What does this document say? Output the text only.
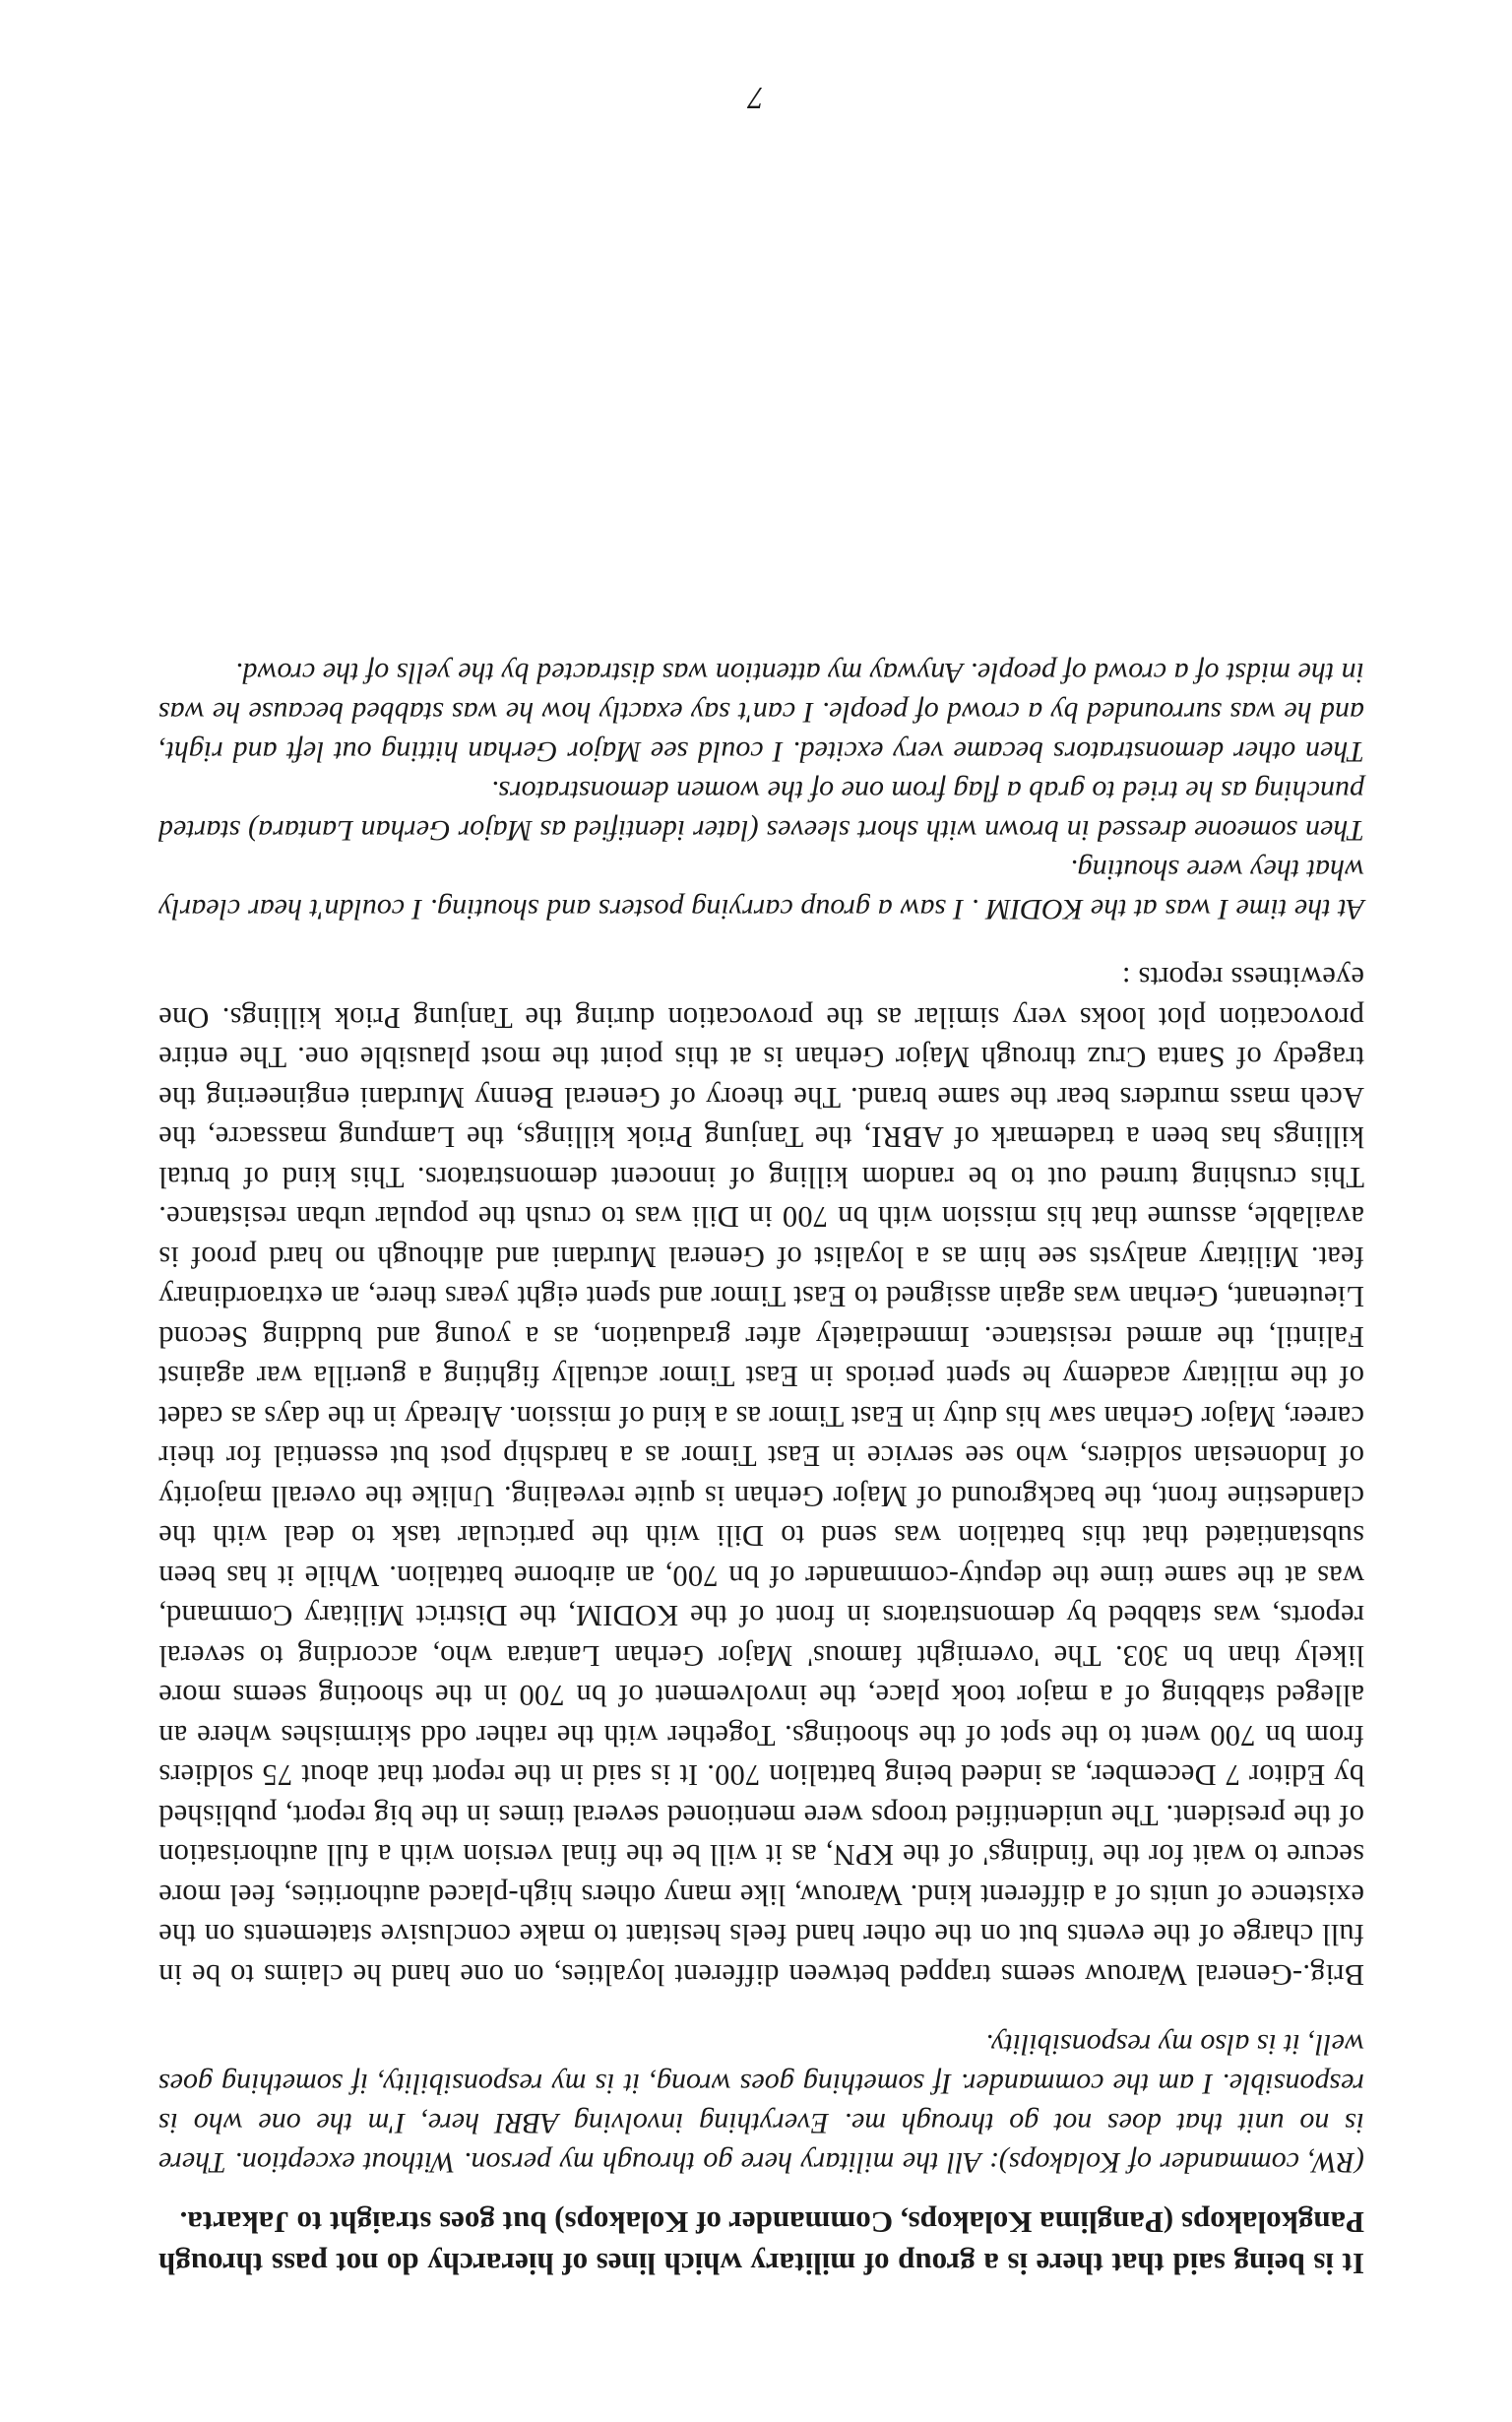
It is being said that there is a group of military which lines of hierarchy do not pass through Pangkolakops (Panglima Kolakops, Commander of Kolakops) but goes straight to Jakarta.

(RW, commander of Kolakops): All the military here go through my person. Without exception. There is no unit that does not go through me. Everything involving ABRI here, I'm the one who is responsible. I am the commander. If something goes wrong, it is my responsibility, if something goes well, it is also my responsibility.

Brig.-General Warouw seems trapped between different loyalties, on one hand he claims to be in full charge of the events but on the other hand feels hesitant to make conclusive statements on the existence of units of a different kind. Warouw, like many others high-placed authorities, feel more secure to wait for the 'findings' of the KPN, as it will be the final version with a full authorisation of the president. The unidentified troops were mentioned several times in the big report, published by Editor 7 December, as indeed being battalion 700. It is said in the report that about 75 soldiers from bn 700 went to the spot of the shootings. Together with the rather odd skirmishes where an alleged stabbing of a major took place, the involvement of bn 700 in the shooting seems more likely than bn 303. The 'overnight famous' Major Gerhan Lantara who, according to several reports, was stabbed by demonstrators in front of the KODIM, the District Military Command, was at the same time the deputy-commander of bn 700, an airborne battalion. While it has been substantiated that this battalion was send to Dili with the particular task to deal with the clandestine front, the background of Major Gerhan is quite revealing. Unlike the overall majority of Indonesian soldiers, who see service in East Timor as a hardship post but essential for their career, Major Gerhan saw his duty in East Timor as a kind of mission. Already in the days as cadet of the military academy he spent periods in East Timor actually fighting a guerilla war against Falintil, the armed resistance. Immediately after graduation, as a young and budding Second Lieutenant, Gerhan was again assigned to East Timor and spent eight years there, an extraordinary feat. Military analysts see him as a loyalist of General Murdani and although no hard proof is available, assume that his mission with bn 700 in Dili was to crush the popular urban resistance. This crushing turned out to be random killing of innocent demonstrators. This kind of brutal killings has been a trademark of ABRI, the Tanjung Priok killings, the Lampung massacre, the Aceh mass murders bear the same brand. The theory of General Benny Murdani engineering the tragedy of Santa Cruz through Major Gerhan is at this point the most plausible one. The entire provocation plot looks very similar as the provocation during the Tanjung Priok killings. One eyewitness reports :

At the time I was at the KODIM . I saw a group carrying posters and shouting. I couldn't hear clearly what they were shouting.

Then someone dressed in brown with short sleeves (later identified as Major Gerhan Lantara) started punching as he tried to grab a flag from one of the women demonstrators.

Then other demonstrators became very excited. I could see Major Gerhan hitting out left and right, and he was surrounded by a crowd of people. I can't say exactly how he was stabbed because he was in the midst of a crowd of people. Anyway my attention was distracted by the yells of the crowd.

7
